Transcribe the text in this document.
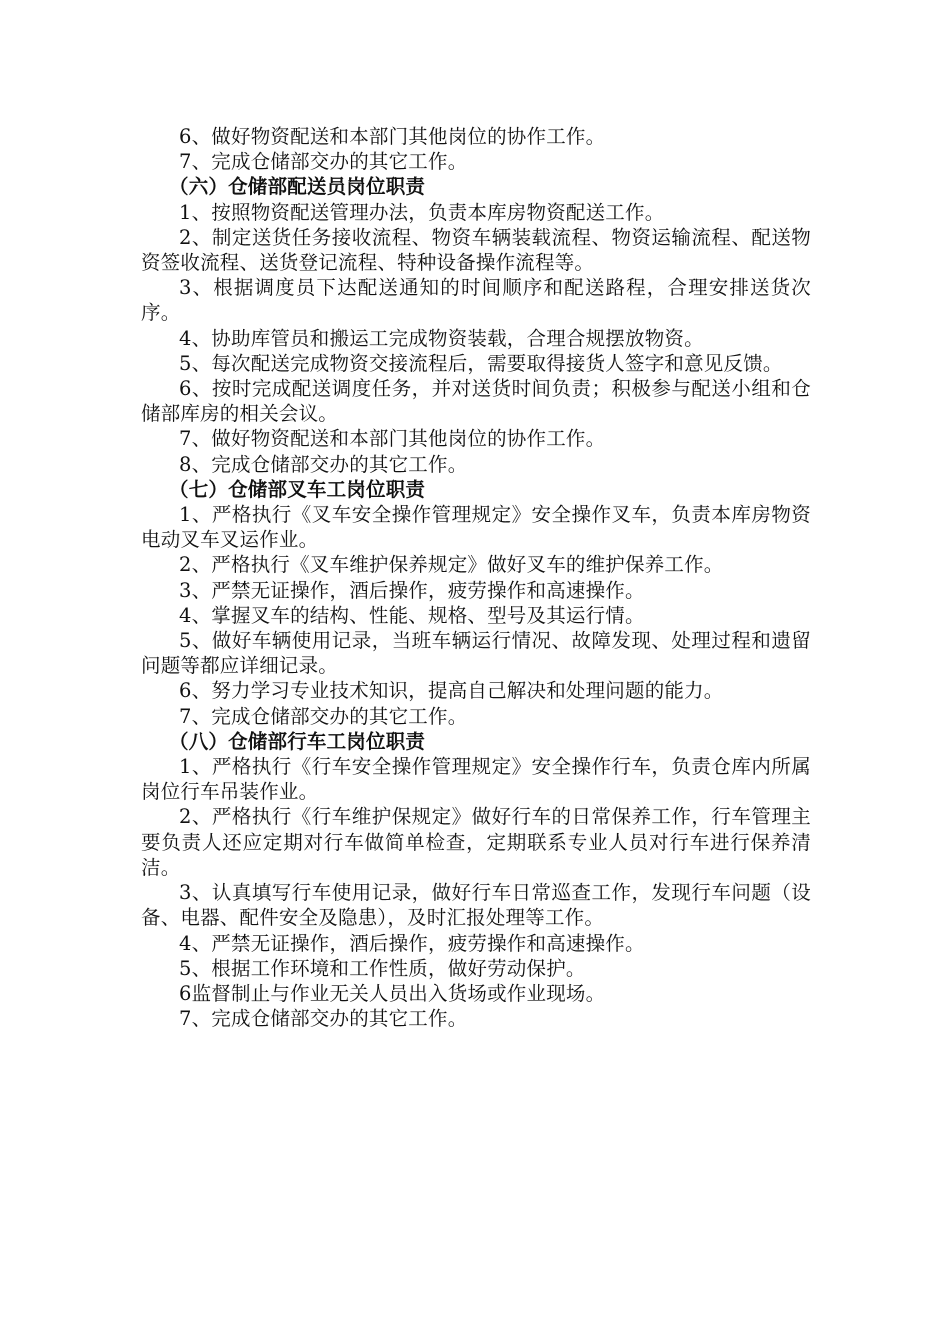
6、做好物资配送和本部门其他岗位的协作工作。

7、完成仓储部交办的其它工作。

（六）仓储部配送员岗位职责

1、按照物资配送管理办法，负责本库房物资配送工作。

2、制定送货任务接收流程、物资车辆装载流程、物资运输流程、配送物资签收流程、送货登记流程、特种设备操作流程等。

3、根据调度员下达配送通知的时间顺序和配送路程，合理安排送货次序。

4、协助库管员和搬运工完成物资装载，合理合规摆放物资。

5、每次配送完成物资交接流程后，需要取得接货人签字和意见反馈。

6、按时完成配送调度任务，并对送货时间负责；积极参与配送小组和仓储部库房的相关会议。

7、做好物资配送和本部门其他岗位的协作工作。

8、完成仓储部交办的其它工作。

（七）仓储部叉车工岗位职责

1、严格执行《叉车安全操作管理规定》安全操作叉车，负责本库房物资电动叉车叉运作业。

2、严格执行《叉车维护保养规定》做好叉车的维护保养工作。

3、严禁无证操作，酒后操作，疲劳操作和高速操作。

4、掌握叉车的结构、性能、规格、型号及其运行情。

5、做好车辆使用记录，当班车辆运行情况、故障发现、处理过程和遗留问题等都应详细记录。

6、努力学习专业技术知识，提高自己解决和处理问题的能力。

7、完成仓储部交办的其它工作。

（八）仓储部行车工岗位职责

1、严格执行《行车安全操作管理规定》安全操作行车，负责仓库内所属岗位行车吊装作业。

2、严格执行《行车维护保规定》做好行车的日常保养工作，行车管理主要负责人还应定期对行车做简单检查，定期联系专业人员对行车进行保养清洁。

3、认真填写行车使用记录，做好行车日常巡查工作，发现行车问题（设备、电器、配件安全及隐患），及时汇报处理等工作。

4、严禁无证操作，酒后操作，疲劳操作和高速操作。

5、根据工作环境和工作性质，做好劳动保护。

6监督制止与作业无关人员出入货场或作业现场。

7、完成仓储部交办的其它工作。
